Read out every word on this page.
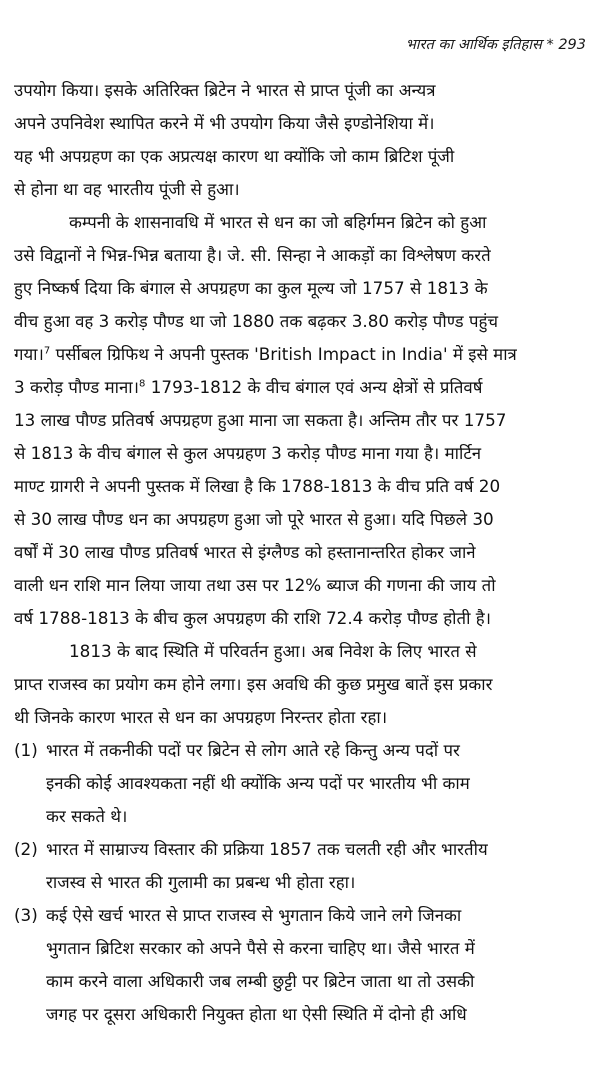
भारत का आर्थिक इतिहास * 293
उपयोग किया। इसके अतिरिक्त ब्रिटेन ने भारत से प्राप्त पूंजी का अन्यत्र
अपने उपनिवेश स्थापित करने में भी उपयोग किया जैसे इण्डोनेशिया में।
यह भी अपग्रहण का एक अप्रत्यक्ष कारण था क्योंकि जो काम ब्रिटिश पूंजी
से होना था वह भारतीय पूंजी से हुआ।
कम्पनी के शासनावधि में भारत से धन का जो बहिर्गमन ब्रिटेन को हुआ
उसे विद्वानों ने भिन्न-भिन्न बताया है। जे. सी. सिन्हा ने आकड़ों का विश्लेषण करते
हुए निष्कर्ष दिया कि बंगाल से अपग्रहण का कुल मूल्य जो 1757 से 1813 के
वीच हुआ वह 3 करोड़ पौण्ड था जो 1880 तक बढ़कर 3.80 करोड़ पौण्ड पहुंच
गया।$^7$ पर्सीबल ग्रिफिथ ने अपनी पुस्तक 'British Impact in India' में इसे मात्र
3 करोड़ पौण्ड माना।$^8$ 1793-1812 के वीच बंगाल एवं अन्य क्षेत्रों से प्रतिवर्ष
13 लाख पौण्ड प्रतिवर्ष अपग्रहण हुआ माना जा सकता है। अन्तिम तौर पर 1757
से 1813 के वीच बंगाल से कुल अपग्रहण 3 करोड़ पौण्ड माना गया है। मार्टिन
माण्ट ग्रागरी ने अपनी पुस्तक में लिखा है कि 1788-1813 के वीच प्रति वर्ष 20
से 30 लाख पौण्ड धन का अपग्रहण हुआ जो पूरे भारत से हुआ। यदि पिछले 30
वर्षों में 30 लाख पौण्ड प्रतिवर्ष भारत से इंग्लैण्ड को हस्तानान्तरित होकर जाने
वाली धन राशि मान लिया जाया तथा उस पर 12% ब्याज की गणना की जाय तो
वर्ष 1788-1813 के बीच कुल अपग्रहण की राशि 72.4 करोड़ पौण्ड होती है।
1813 के बाद स्थिति में परिवर्तन हुआ। अब निवेश के लिए भारत से
प्राप्त राजस्व का प्रयोग कम होने लगा। इस अवधि की कुछ प्रमुख बातें इस प्रकार
थी जिनके कारण भारत से धन का अपग्रहण निरन्तर होता रहा।
(1) भारत में तकनीकी पदों पर ब्रिटेन से लोग आते रहे किन्तु अन्य पदों पर
इनकी कोई आवश्यकता नहीं थी क्योंकि अन्य पदों पर भारतीय भी काम
कर सकते थे।
(2) भारत में साम्राज्य विस्तार की प्रक्रिया 1857 तक चलती रही और भारतीय
राजस्व से भारत की गुलामी का प्रबन्ध भी होता रहा।
(3) कई ऐसे खर्च भारत से प्राप्त राजस्व से भुगतान किये जाने लगे जिनका
भुगतान ब्रिटिश सरकार को अपने पैसे से करना चाहिए था। जैसे भारत में
काम करने वाला अधिकारी जब लम्बी छुट्टी पर ब्रिटेन जाता था तो उसकी
जगह पर दूसरा अधिकारी नियुक्त होता था ऐसी स्थिति में दोनो ही अधि
